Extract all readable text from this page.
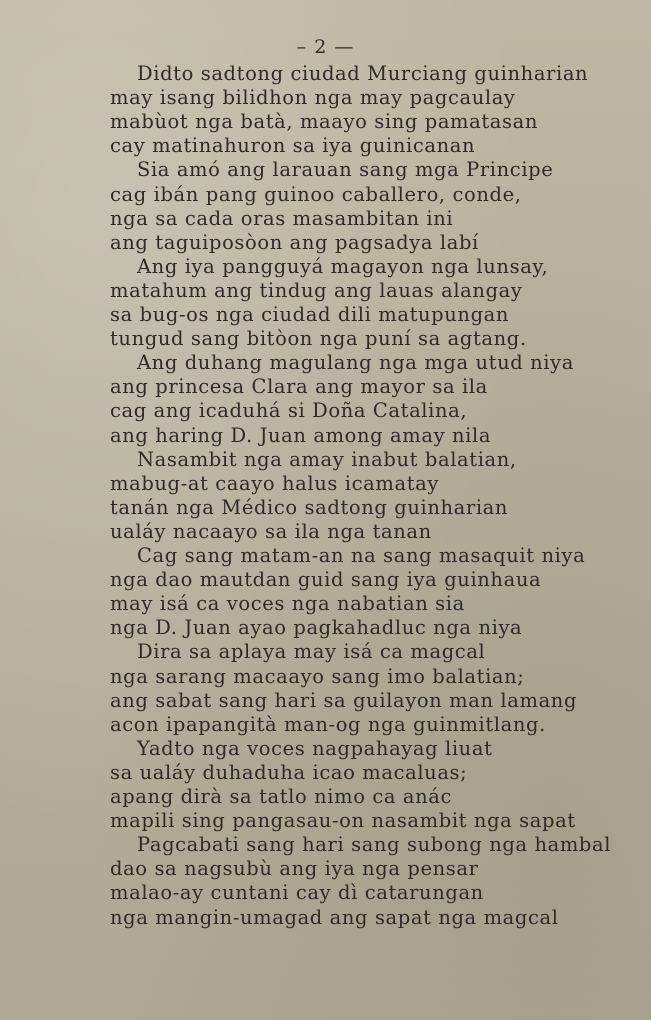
– 2 —
Didto sadtong ciudad Murciang guinharian
may isang bilidhon nga may pagcaulay
mabùot nga batà, maayo sing pamatasan
cay matinahuron sa iya guinicanan
Sia amó ang larauan sang mga Principe
cag ibán pang guinoo caballero, conde,
nga sa cada oras masambitan ini
ang taguiposòon ang pagsadya labí
Ang iya pangguyá magayon nga lunsay,
matahum ang tindug ang lauas alangay
sa bug-os nga ciudad dili matupungan
tungud sang bitòon nga puní sa agtang.
Ang duhang magulang nga mga utud niya
ang princesa Clara ang mayor sa ila
cag ang icaduhá si Doña Catalina,
ang haring D. Juan among amay nila
Nasambit nga amay inabut balatian,
mabug-at caayo halus icamatay
tanán nga Médico sadtong guinharian
ualáy nacaayo sa ila nga tanan
Cag sang matam-an na sang masaquit niya
nga dao mautdan guid sang iya guinhaua
may isá ca voces nga nabatian sia
nga D. Juan ayao pagkahadluc nga niya
Dira sa aplaya may isá ca magcal
nga sarang macaayo sang imo balatian;
ang sabat sang hari sa guilayon man lamang
acon ipapangità man-og nga guinmitlang.
Yadto nga voces nagpahayag liuat
sa ualáy duhaduha icao macaluas;
apang dirà sa tatlo nimo ca anác
mapili sing pangasau-on nasambit nga sapat
Pagcabati sang hari sang subong nga hambal
dao sa nagsubù ang iya nga pensar
malao-ay cuntani cay dì catarungan
nga mangin-umagad ang sapat nga magcal
